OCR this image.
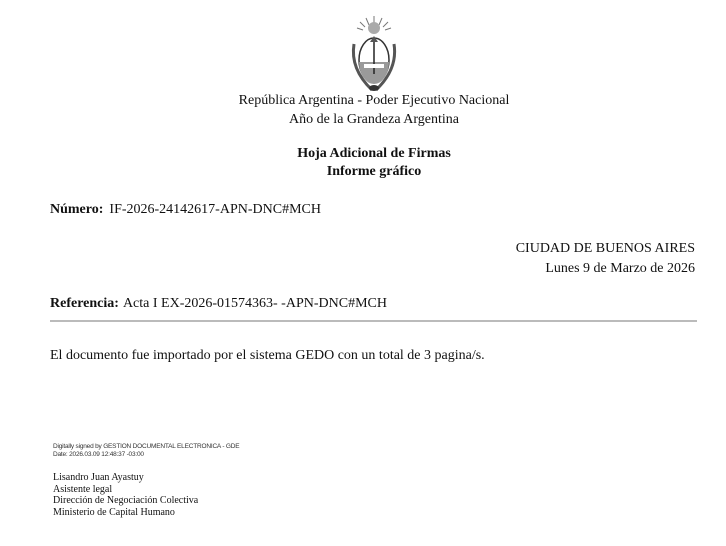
República Argentina - Poder Ejecutivo Nacional
Año de la Grandeza Argentina
Hoja Adicional de Firmas
Informe gráfico
Número: IF-2026-24142617-APN-DNC#MCH
CIUDAD DE BUENOS AIRES
Lunes 9 de Marzo de 2026
Referencia: Acta I EX-2026-01574363- -APN-DNC#MCH
El documento fue importado por el sistema GEDO con un total de 3 pagina/s.
Digitally signed by GESTION DOCUMENTAL ELECTRONICA - GDE
Date: 2026.03.09 12:48:37 -03:00
Lisandro Juan Ayastuy
Asistente legal
Dirección de Negociación Colectiva
Ministerio de Capital Humano
